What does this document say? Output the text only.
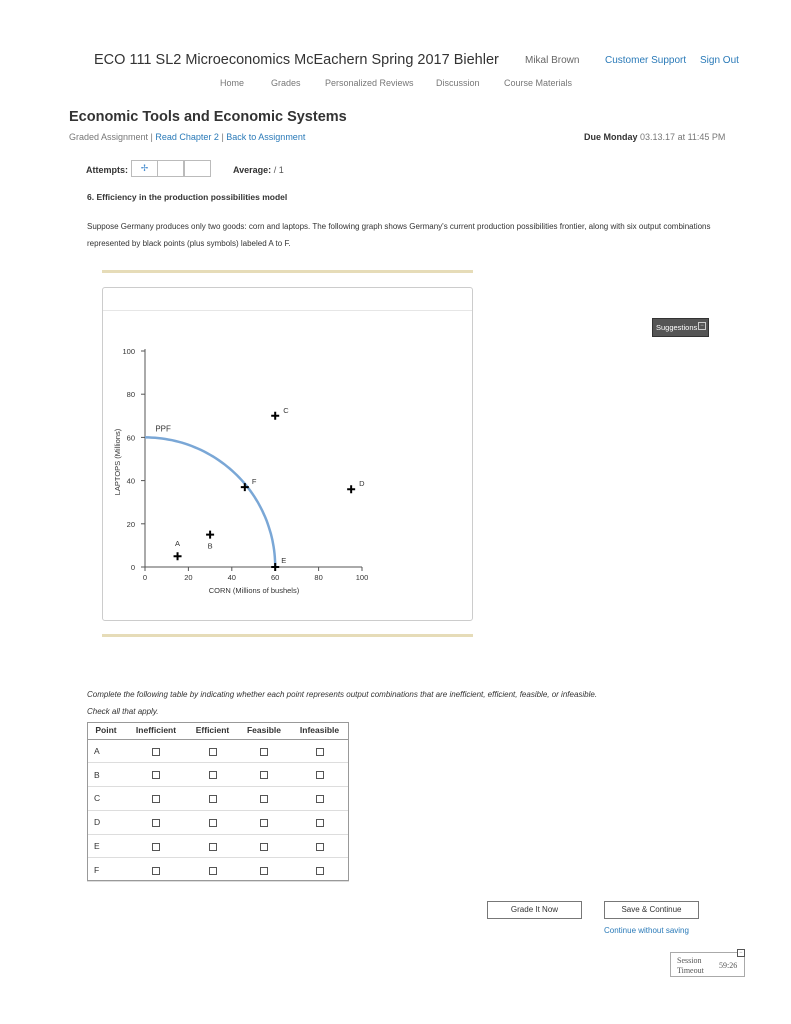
ECO 111 SL2 Microeconomics McEachern Spring 2017 Biehler	Mikal Brown	Customer Support Sign Out
Home	Grades	Personalized Reviews Discussion	Course Materials
Economic Tools and Economic Systems
Graded Assignment | Read Chapter 2 | Back to Assignment	Due Monday 03.13.17 at 11:45 PM
Attempts:	✢	Average: / 1
6. Efficiency in the production possibilities model
Suppose Germany produces only two goods: corn and laptops. The following graph shows Germany's current production possibilities frontier, along with six output combinations represented by black points (plus symbols) labeled A to F.
Suggestions −
0	20	40	60	80	100
0
20
40
60
80
100
PPF
A	B
C
D
E
F
CORN (Millions of bushels)
LAPTOPS (Millions)
Complete the following table by indicating whether each point represents output combinations that are inefficient, efficient, feasible, or infeasible.
Check all that apply.
Point	Inefficient	Efficient	Feasible	Infeasible
A				
B				
C				
D				
E				
F				
Grade It Now	Save & Continue
Continue without saving
Session
Timeout
59:26
−
